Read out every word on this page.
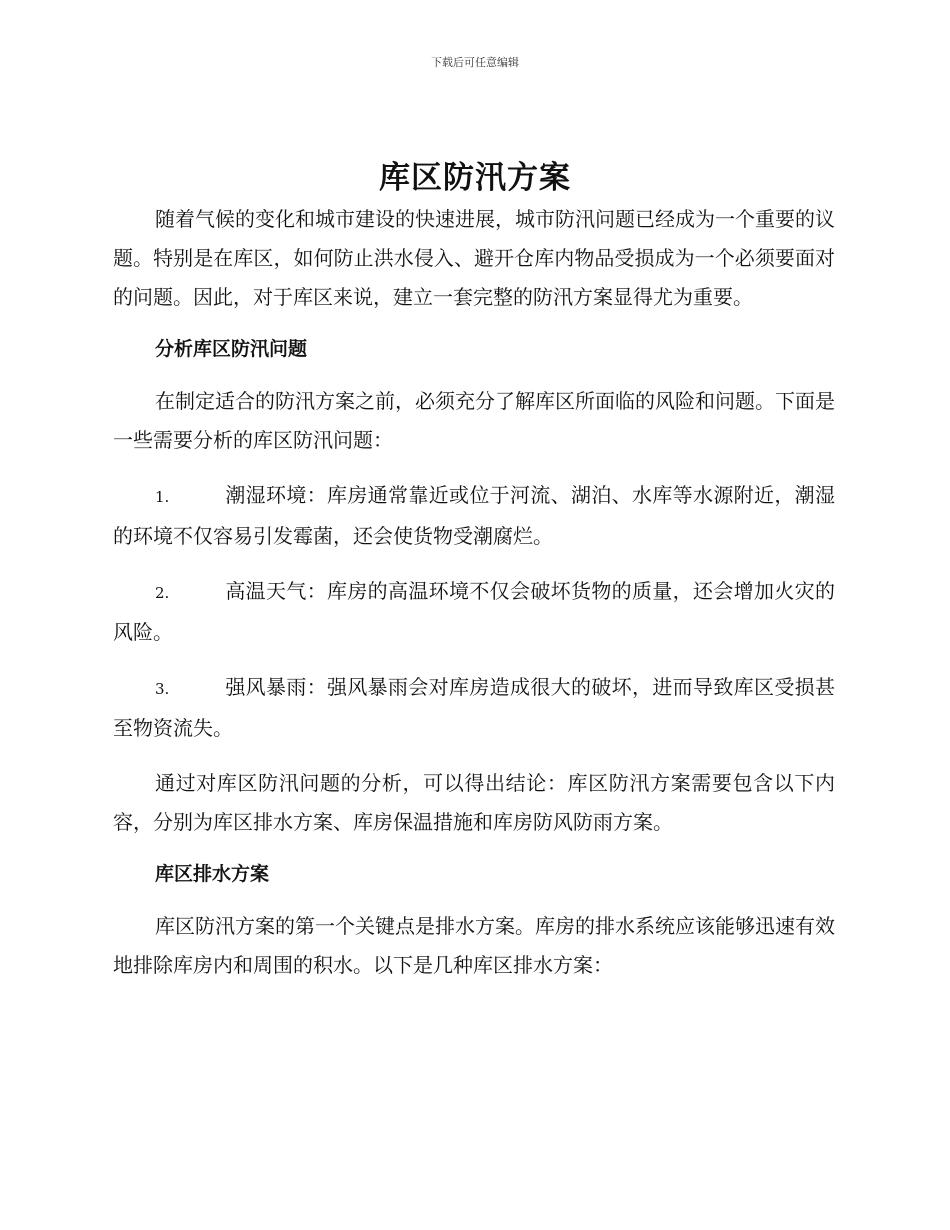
下载后可任意编辑
库区防汛方案

随着气候的变化和城市建设的快速进展，城市防汛问题已经成为一个重要的议题。特别是在库区，如何防止洪水侵入、避开仓库内物品受损成为一个必须要面对的问题。因此，对于库区来说，建立一套完整的防汛方案显得尤为重要。

分析库区防汛问题

在制定适合的防汛方案之前，必须充分了解库区所面临的风险和问题。下面是一些需要分析的库区防汛问题：

1.	潮湿环境：库房通常靠近或位于河流、湖泊、水库等水源附近，潮湿的环境不仅容易引发霉菌，还会使货物受潮腐烂。

2.	高温天气：库房的高温环境不仅会破坏货物的质量，还会增加火灾的风险。

3.	强风暴雨：强风暴雨会对库房造成很大的破坏，进而导致库区受损甚至物资流失。

通过对库区防汛问题的分析，可以得出结论：库区防汛方案需要包含以下内容，分别为库区排水方案、库房保温措施和库房防风防雨方案。

库区排水方案

库区防汛方案的第一个关键点是排水方案。库房的排水系统应该能够迅速有效地排除库房内和周围的积水。以下是几种库区排水方案：
